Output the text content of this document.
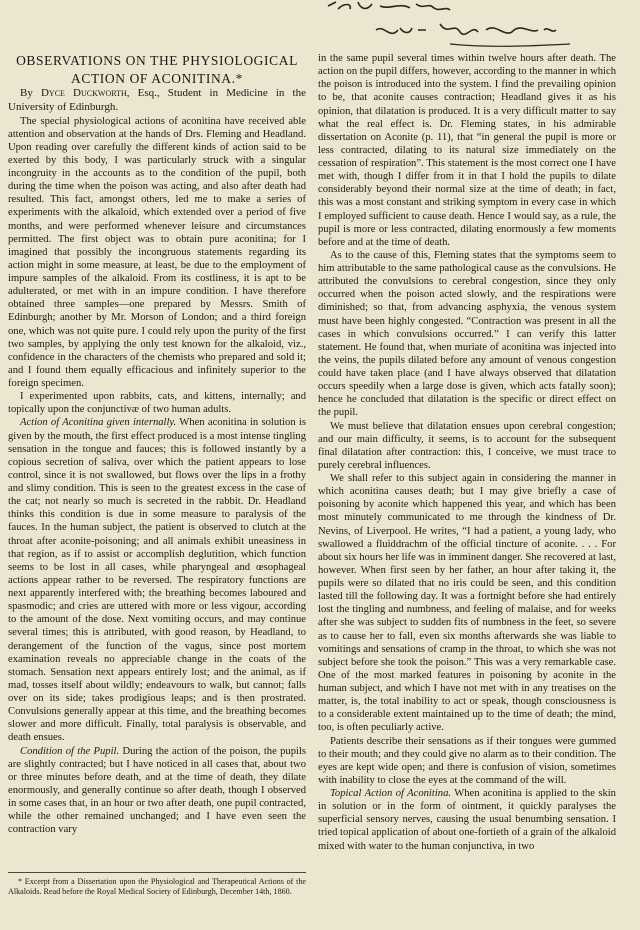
OBSERVATIONS ON THE PHYSIOLOGICAL ACTION OF ACONITINA.*

By Dyce Duckworth, Esq., Student in Medicine in the University of Edinburgh.

The special physiological actions of aconitina have received able attention and observation at the hands of Drs. Fleming and Headland. Upon reading over carefully the different kinds of action said to be exerted by this body, I was particularly struck with a singular incongruity in the accounts as to the condition of the pupil, both during the time when the poison was acting, and also after death had resulted. This fact, amongst others, led me to make a series of experiments with the alkaloid, which extended over a period of five months, and were performed whenever leisure and circumstances permitted. The first object was to obtain pure aconitina; for I imagined that possibly the incongruous statements regarding its action might in some measure, at least, be due to the employment of impure samples of the alkaloid. From its costliness, it is apt to be adulterated, or met with in an impure condition. I have therefore obtained three samples—one prepared by Messrs. Smith of Edinburgh; another by Mr. Morson of London; and a third foreign one, which was not quite pure. I could rely upon the purity of the first two samples, by applying the only test known for the alkaloid, viz., confidence in the characters of the chemists who prepared and sold it; and I found them equally efficacious and infinitely superior to the foreign specimen.

I experimented upon rabbits, cats, and kittens, internally; and topically upon the conjunctivæ of two human adults.

Action of Aconitina given internally. When aconitina in solution is given by the mouth, the first effect produced is a most intense tingling sensation in the tongue and fauces; this is followed instantly by a copious secretion of saliva, over which the patient appears to lose control, since it is not swallowed, but flows over the lips in a frothy and slimy condition. This is seen to the greatest excess in the case of the cat; not nearly so much is secreted in the rabbit. Dr. Headland thinks this condition is due in some measure to paralysis of the fauces. In the human subject, the patient is observed to clutch at the throat after aconite-poisoning; and all animals exhibit uneasiness in that region, as if to assist or accomplish deglutition, which function seems to be lost in all cases, while pharyngeal and œsophageal actions appear rather to be reversed. The respiratory functions are next apparently interfered with; the breathing becomes laboured and spasmodic; and cries are uttered with more or less vigour, according to the amount of the dose. Next vomiting occurs, and may continue several times; this is attributed, with good reason, by Headland, to derangement of the function of the vagus, since post mortem examination reveals no appreciable change in the coats of the stomach. Sensation next appears entirely lost; and the animal, as if mad, tosses itself about wildly; endeavours to walk, but cannot; falls over on its side; takes prodigious leaps; and is then prostrated. Convulsions generally appear at this time, and the breathing becomes slower and more difficult. Finally, total paralysis is observable, and death ensues.

Condition of the Pupil. During the action of the poison, the pupils are slightly contracted; but I have noticed in all cases that, about two or three minutes before death, and at the time of death, they dilate enormously, and generally continue so after death, though I observed in some cases that, in an hour or two after death, one pupil contracted, while the other remained unchanged; and I have even seen the contraction vary

* Excerpt from a Dissertation upon the Physiological and Therapeutical Actions of the Alkaloids. Read before the Royal Medical Society of Edinburgh, December 14th, 1860.

in the same pupil several times within twelve hours after death. The action on the pupil differs, however, according to the manner in which the poison is introduced into the system. I find the prevailing opinion to be, that aconite causes contraction; Headland gives it as his opinion, that dilatation is produced. It is a very difficult matter to say what the real effect is. Dr. Fleming states, in his admirable dissertation on Aconite (p. 11), that “in general the pupil is more or less contracted, dilating to its natural size immediately on the cessation of respiration”. This statement is the most correct one I have met with, though I differ from it in that I hold the pupils to dilate considerably beyond their normal size at the time of death; in fact, this was a most constant and striking symptom in every case in which I employed sufficient to cause death. Hence I would say, as a rule, the pupil is more or less contracted, dilating enormously a few moments before and at the time of death.

As to the cause of this, Fleming states that the symptoms seem to him attributable to the same pathological cause as the convulsions. He attributed the convulsions to cerebral congestion, since they only occurred when the poison acted slowly, and the respirations were diminished; so that, from advancing asphyxia, the venous system must have been highly congested. “Contraction was present in all the cases in which convulsions occurred.” I can verify this latter statement. He found that, when muriate of aconitina was injected into the veins, the pupils dilated before any amount of venous congestion could have taken place (and I have always observed that dilatation occurs speedily when a large dose is given, which acts fatally soon); hence he concluded that dilatation is the specific or direct effect on the pupil.

We must believe that dilatation ensues upon cerebral congestion; and our main difficulty, it seems, is to account for the subsequent final dilatation after contraction: this, I conceive, we must trace to purely cerebral influences.

We shall refer to this subject again in considering the manner in which aconitina causes death; but I may give briefly a case of poisoning by aconite which happened this year, and which has been most minutely communicated to me through the kindness of Dr. Nevins, of Liverpool. He writes, “I had a patient, a young lady, who swallowed a fluiddrachm of the official tincture of aconite. . . . For about six hours her life was in imminent danger. She recovered at last, however. When first seen by her father, an hour after taking it, the pupils were so dilated that no iris could be seen, and this condition lasted till the following day. It was a fortnight before she had entirely lost the tingling and numbness, and feeling of malaise, and for weeks after she was subject to sudden fits of numbness in the feet, so severe as to cause her to fall, even six months afterwards she was liable to vomitings and sensations of cramp in the throat, to which she was not subject before she took the poison.” This was a very remarkable case. One of the most marked features in poisoning by aconite in the human subject, and which I have not met with in any treatises on the matter, is, the total inability to act or speak, though consciousness is to a considerable extent maintained up to the time of death; the mind, too, is often peculiarly active.

Patients describe their sensations as if their tongues were gummed to their mouth; and they could give no alarm as to their condition. The eyes are kept wide open; and there is confusion of vision, sometimes with inability to close the eyes at the command of the will.

Topical Action of Aconitina. When aconitina is applied to the skin in solution or in the form of ointment, it quickly paralyses the superficial sensory nerves, causing the usual benumbing sensation. I tried topical application of about one-fortieth of a grain of the alkaloid mixed with water to the human conjunctiva, in two
